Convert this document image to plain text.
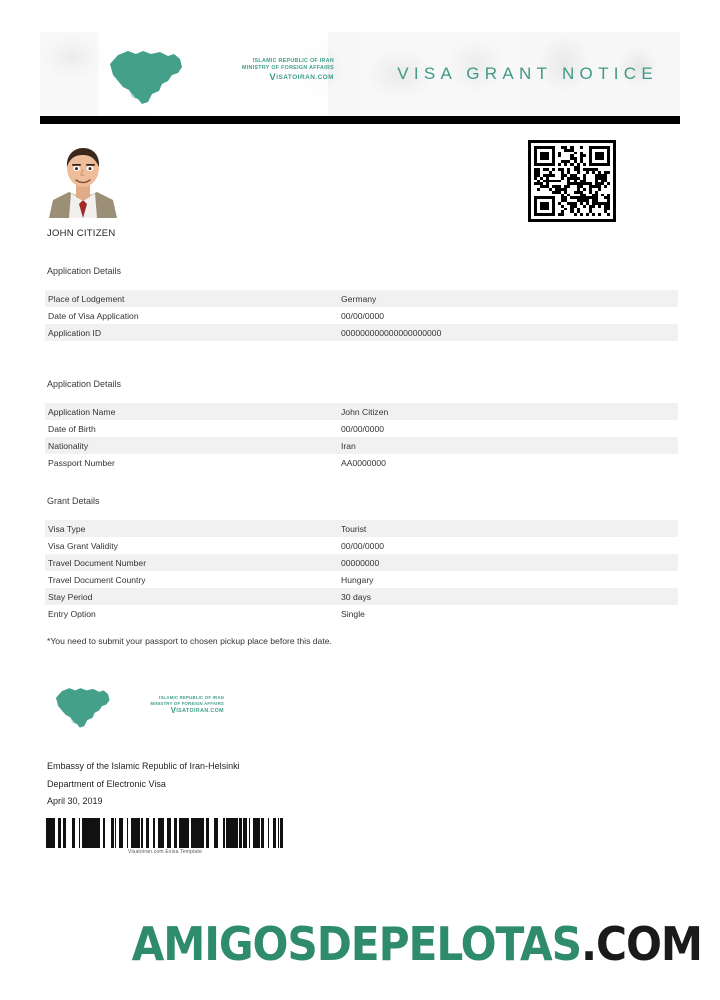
ISLAMIC REPUBLIC OF IRAN
MINISTRY OF FOREIGN AFFAIRS
VISATOIRAN.COM	VISA GRANT NOTICE
JOHN CITIZEN
Application Details
Place of Lodgement	Germany
Date of Visa Application	00/00/0000
Application ID	000000000000000000000
Application Details
Application Name	John Citizen
Date of Birth	00/00/0000
Nationality	Iran
Passport Number	AA0000000
Grant Details
Visa Type	Tourist
Visa Grant Validity	00/00/0000
Travel Document Number	00000000
Travel Document Country	Hungary
Stay Period	30 days
Entry Option	Single
*You need to submit your passport to chosen pickup place before this date.
ISLAMIC REPUBLIC OF IRAN
MINISTRY OF FOREIGN AFFAIRS
VISATOIRAN.COM
Embassy of the Islamic Republic of Iran-Helsinki
Department of Electronic Visa
April 30, 2019
Visatoiran.com Evisa Template
AMIGOSDEPELOTAS.COM
